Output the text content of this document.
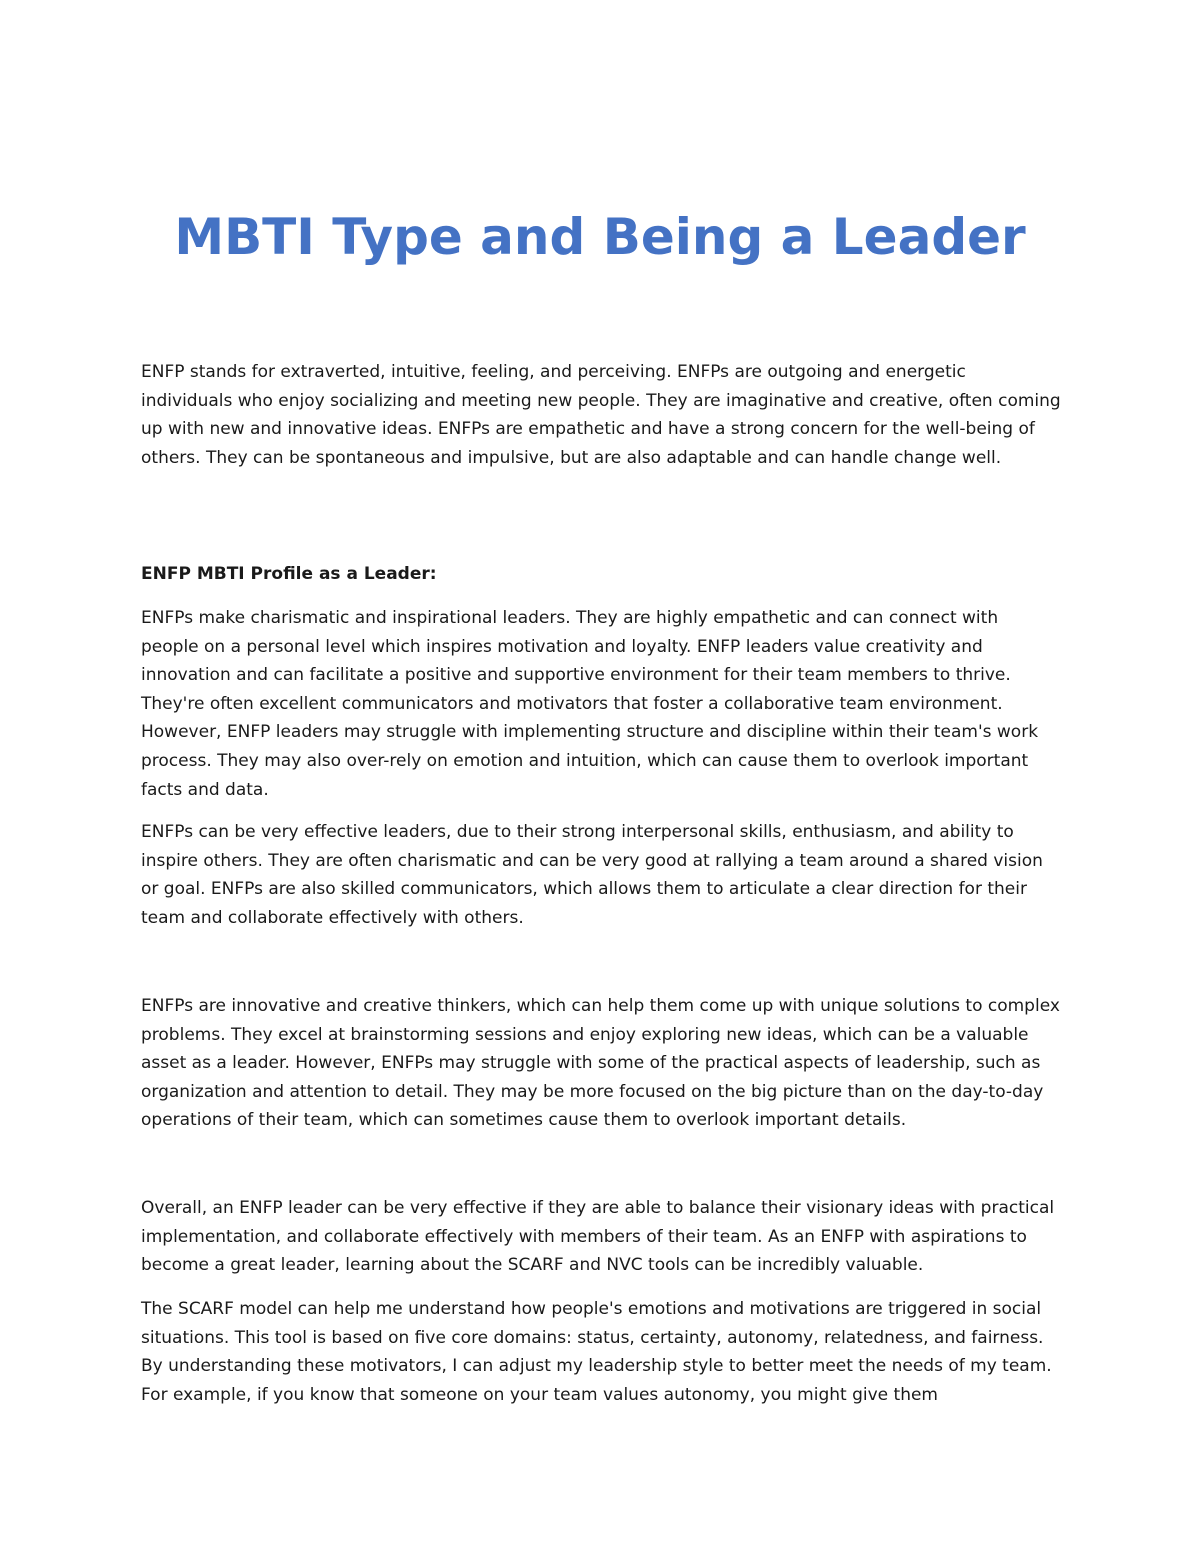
MBTI Type and Being a Leader

ENFP stands for extraverted, intuitive, feeling, and perceiving. ENFPs are outgoing and energetic individuals who enjoy socializing and meeting new people. They are imaginative and creative, often coming up with new and innovative ideas. ENFPs are empathetic and have a strong concern for the well-being of others. They can be spontaneous and impulsive, but are also adaptable and can handle change well.

ENFP MBTI Profile as a Leader:

ENFPs make charismatic and inspirational leaders. They are highly empathetic and can connect with people on a personal level which inspires motivation and loyalty. ENFP leaders value creativity and innovation and can facilitate a positive and supportive environment for their team members to thrive. They're often excellent communicators and motivators that foster a collaborative team environment. However, ENFP leaders may struggle with implementing structure and discipline within their team's work process. They may also over-rely on emotion and intuition, which can cause them to overlook important facts and data.

ENFPs can be very effective leaders, due to their strong interpersonal skills, enthusiasm, and ability to inspire others. They are often charismatic and can be very good at rallying a team around a shared vision or goal. ENFPs are also skilled communicators, which allows them to articulate a clear direction for their team and collaborate effectively with others.

ENFPs are innovative and creative thinkers, which can help them come up with unique solutions to complex problems. They excel at brainstorming sessions and enjoy exploring new ideas, which can be a valuable asset as a leader. However, ENFPs may struggle with some of the practical aspects of leadership, such as organization and attention to detail. They may be more focused on the big picture than on the day-to-day operations of their team, which can sometimes cause them to overlook important details.

Overall, an ENFP leader can be very effective if they are able to balance their visionary ideas with practical implementation, and collaborate effectively with members of their team. As an ENFP with aspirations to become a great leader, learning about the SCARF and NVC tools can be incredibly valuable.

The SCARF model can help me understand how people's emotions and motivations are triggered in social situations. This tool is based on five core domains: status, certainty, autonomy, relatedness, and fairness. By understanding these motivators, I can adjust my leadership style to better meet the needs of my team. For example, if you know that someone on your team values autonomy, you might give them
